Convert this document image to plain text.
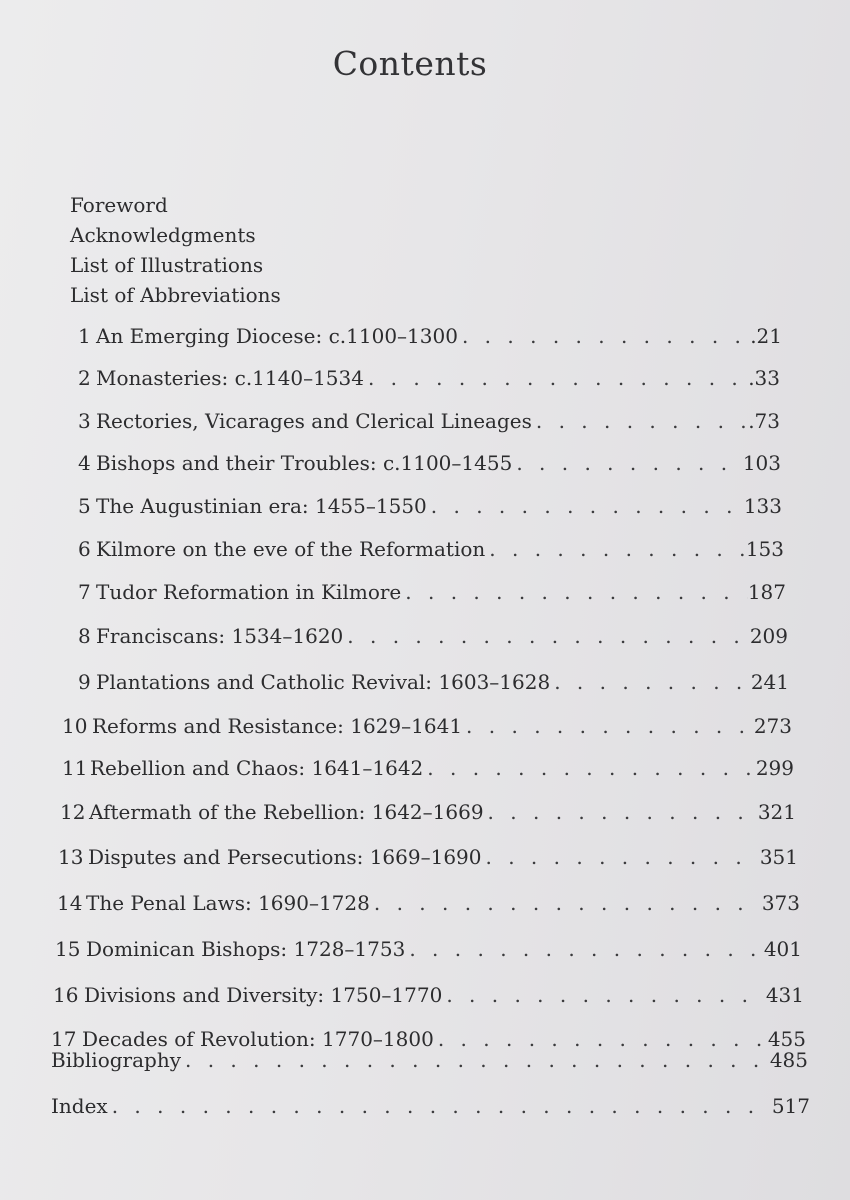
Contents
Foreword
Acknowledgments
List of Illustrations
List of Abbreviations
1 An Emerging Diocese: c.1100–1300 . . .	.21
2 Monasteries: c.1140–1534 . . .	.33
3 Rectories, Vicarages and Clerical Lineages . . .	.73
4 Bishops and their Troubles: c.1100–1455 . . .	103
5 The Augustinian era: 1455–1550 . . .	133
6 Kilmore on the eve of the Reformation . . .	153
7 Tudor Reformation in Kilmore . . .	187
8 Franciscans: 1534–1620 . . .	209
9 Plantations and Catholic Revival: 1603–1628 . . .	241
10 Reforms and Resistance: 1629–1641 . . .	273
11 Rebellion and Chaos: 1641–1642 . . .	299
12 Aftermath of the Rebellion: 1642–1669 . . .	321
13 Disputes and Persecutions: 1669–1690 . . .	351
14 The Penal Laws: 1690–1728 . . .	373
15 Dominican Bishops: 1728–1753 . . .	401
16 Divisions and Diversity: 1750–1770 . . .	431
17 Decades of Revolution: 1770–1800 . . .	455
Bibliography . . .	485
Index . . .	517
